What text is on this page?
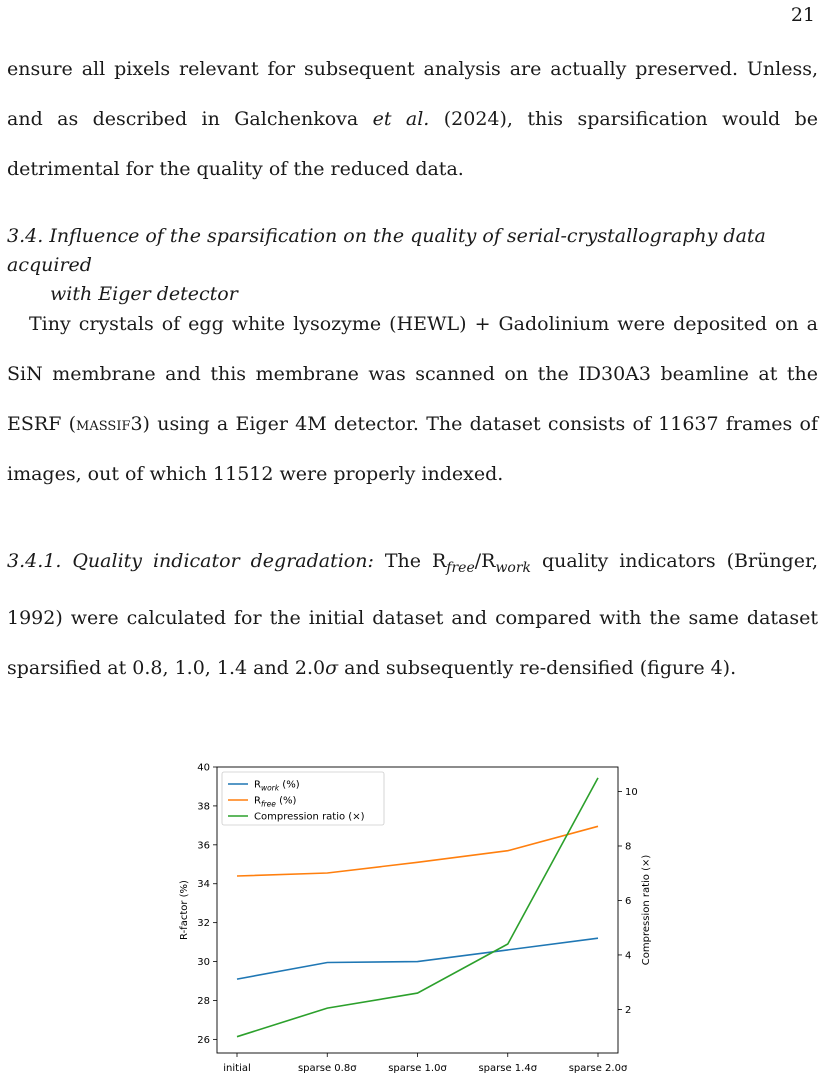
21

ensure all pixels relevant for subsequent analysis are actually preserved. Unless, and as described in Galchenkova et al. (2024), this sparsification would be detrimental for the quality of the reduced data.

3.4. Influence of the sparsification on the quality of serial-crystallography data acquired
with Eiger detector

Tiny crystals of egg white lysozyme (HEWL) + Gadolinium were deposited on a SiN membrane and this membrane was scanned on the ID30A3 beamline at the ESRF (massif3) using a Eiger 4M detector. The dataset consists of 11637 frames of images, out of which 11512 were properly indexed.

3.4.1. Quality indicator degradation: The $R_{free}/R_{work}$ quality indicators (Brünger, 1992) were calculated for the initial dataset and compared with the same dataset sparsified at 0.8, 1.0, 1.4 and 2.0σ and subsequently re-densified (figure 4).

26
28
30
32
34
36
38
40
2
4
6
8
10
initial	sparse 0.8σ	sparse 1.0σ	sparse 1.4σ	sparse 2.0σ
R-factor (%)	Compression ratio (×)
$R_{work}$ (%)
$R_{free}$ (%)
Compression ratio (×)
